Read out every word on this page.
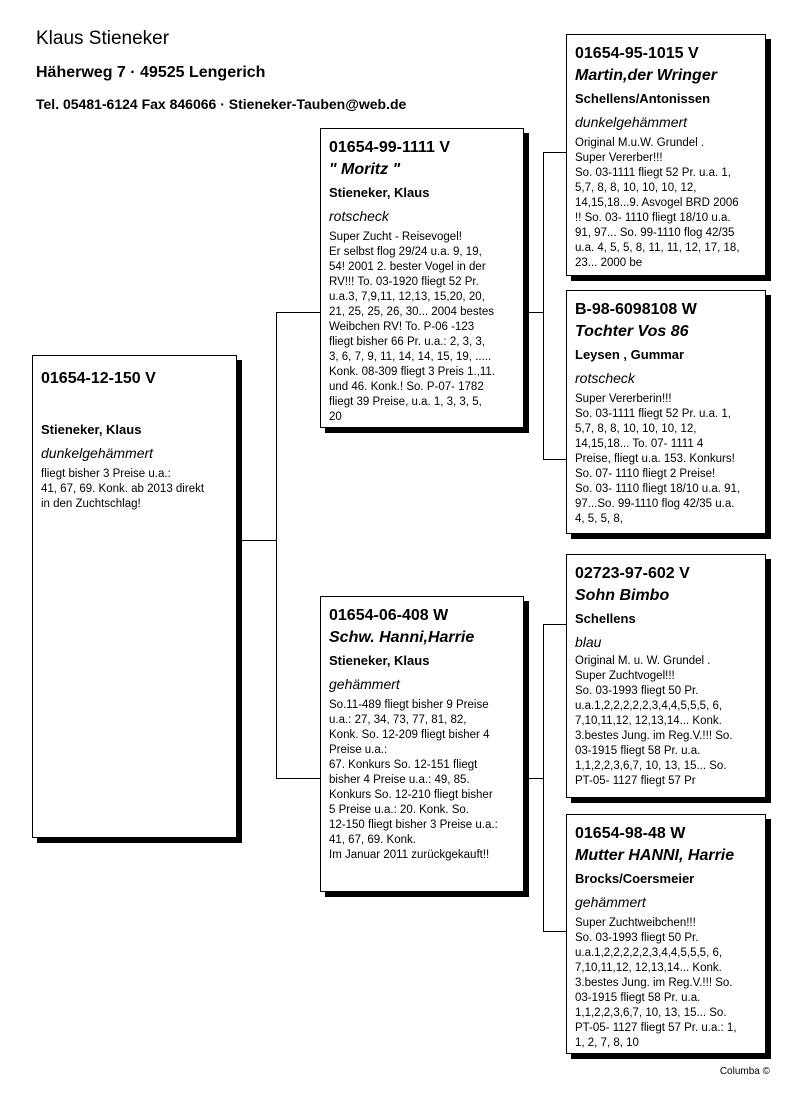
Klaus Stieneker
Häherweg 7 · 49525 Lengerich
Tel. 05481-6124 Fax 846066 · Stieneker-Tauben@web.de
01654-12-150 V
Stieneker, Klaus
dunkelgehämmert
fliegt bisher 3 Preise u.a.:
41, 67, 69. Konk. ab 2013 direkt
in den Zuchtschlag!
01654-99-1111 V
" Moritz "
Stieneker, Klaus
rotscheck
Super Zucht - Reisevogel!
Er selbst flog 29/24 u.a. 9, 19,
54! 2001 2. bester Vogel in der
RV!!! To. 03-1920 fliegt 52 Pr.
u.a.3, 7,9,11, 12,13, 15,20, 20,
21, 25, 25, 26, 30... 2004 bestes
Weibchen RV! To. P-06 -123
fliegt bisher 66 Pr. u.a.: 2, 3, 3,
3, 6, 7, 9, 11, 14, 14, 15, 19, .....
Konk. 08-309 fliegt 3 Preis 1.,11.
und 46. Konk.! So. P-07- 1782
fliegt 39 Preise, u.a. 1, 3, 3, 5,
20
01654-06-408 W
Schw. Hanni,Harrie
Stieneker, Klaus
gehämmert
So.11-489 fliegt bisher 9 Preise
u.a.: 27, 34, 73, 77, 81, 82,
Konk. So. 12-209 fliegt bisher 4
Preise u.a.:
67. Konkurs So. 12-151 fliegt
bisher 4 Preise u.a.: 49, 85.
Konkurs So. 12-210 fliegt bisher
5 Preise u.a.: 20. Konk. So.
12-150 fliegt bisher 3 Preise u.a.:
41, 67, 69. Konk.
Im Januar 2011 zurückgekauft!!
01654-95-1015 V
Martin,der Wringer
Schellens/Antonissen
dunkelgehämmert
Original M.u.W. Grundel .
Super Vererber!!!
So. 03-1111 fliegt 52 Pr. u.a. 1,
5,7, 8, 8, 10, 10, 10, 12,
14,15,18...9. Asvogel BRD 2006
!! So. 03- 1110 fliegt 18/10 u.a.
91, 97... So. 99-1110 flog 42/35
u.a. 4, 5, 5, 8, 11, 11, 12, 17, 18,
23... 2000 be
B-98-6098108 W
Tochter Vos 86
Leysen , Gummar
rotscheck
Super Vererberin!!!
So. 03-1111 fliegt 52 Pr. u.a. 1,
5,7, 8, 8, 10, 10, 10, 12,
14,15,18... To. 07- 1111 4
Preise, fliegt u.a. 153. Konkurs!
So. 07- 1110 fliegt 2 Preise!
So. 03- 1110 fliegt 18/10 u.a. 91,
97...So. 99-1110 flog 42/35 u.a.
4, 5, 5, 8,
02723-97-602 V
Sohn Bimbo
Schellens
blau
Original M. u. W. Grundel .
Super Zuchtvogel!!!
So. 03-1993 fliegt 50 Pr.
u.a.1,2,2,2,2,2,3,4,4,5,5,5, 6,
7,10,11,12, 12,13,14... Konk.
3.bestes Jung. im Reg.V.!!! So.
03-1915 fliegt 58 Pr. u.a.
1,1,2,2,3,6,7, 10, 13, 15... So.
PT-05- 1127 fliegt 57 Pr
01654-98-48 W
Mutter HANNI, Harrie
Brocks/Coersmeier
gehämmert
Super Zuchtweibchen!!!
So. 03-1993 fliegt 50 Pr.
u.a.1,2,2,2,2,2,3,4,4,5,5,5, 6,
7,10,11,12, 12,13,14... Konk.
3.bestes Jung. im Reg.V.!!! So.
03-1915 fliegt 58 Pr. u.a.
1,1,2,2,3,6,7, 10, 13, 15... So.
PT-05- 1127 fliegt 57 Pr. u.a.: 1,
1, 2, 7, 8, 10
Columba ©
